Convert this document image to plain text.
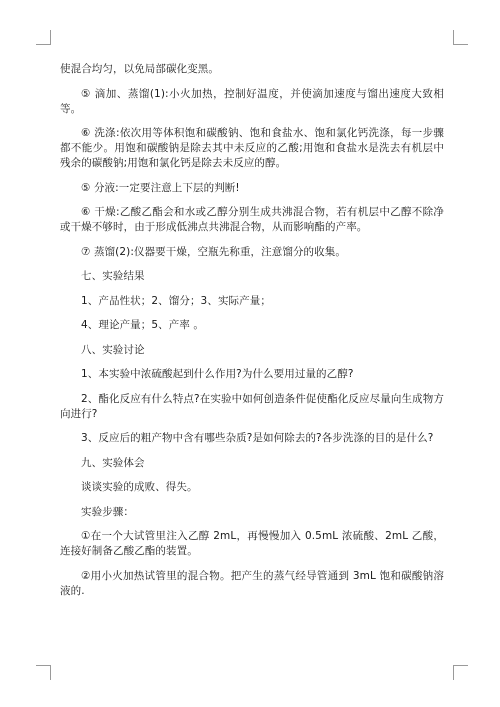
使混合均匀，以免局部碳化变黑。

⑤ 滴加、蒸馏(1):小火加热，控制好温度，并使滴加速度与馏出速度大致相等。

⑥ 洗涤:依次用等体积饱和碳酸钠、饱和食盐水、饱和氯化钙洗涤，每一步骤都不能少。用饱和碳酸钠是除去其中未反应的乙酸;用饱和食盐水是洗去有机层中残余的碳酸钠;用饱和氯化钙是除去未反应的醇。

⑤ 分液:一定要注意上下层的判断!

⑥ 干燥:乙酸乙酯会和水或乙醇分别生成共沸混合物，若有机层中乙醇不除净或干燥不够时，由于形成低沸点共沸混合物，从而影响酯的产率。

⑦ 蒸馏(2):仪器要干燥，空瓶先称重，注意馏分的收集。

七、实验结果

1、产品性状；2、馏分；3、实际产量；

4、理论产量；5、产率 。

八、实验讨论

1、本实验中浓硫酸起到什么作用?为什么要用过量的乙醇?

2、酯化反应有什么特点?在实验中如何创造条件促使酯化反应尽量向生成物方向进行?

3、反应后的粗产物中含有哪些杂质?是如何除去的?各步洗涤的目的是什么?

九、实验体会

谈谈实验的成败、得失。

实验步骤：

①在一个大试管里注入乙醇 2mL，再慢慢加入 0.5mL 浓硫酸、2mL 乙酸，连接好制备乙酸乙酯的装置。

②用小火加热试管里的混合物。把产生的蒸气经导管通到 3mL 饱和碳酸钠溶液的.
